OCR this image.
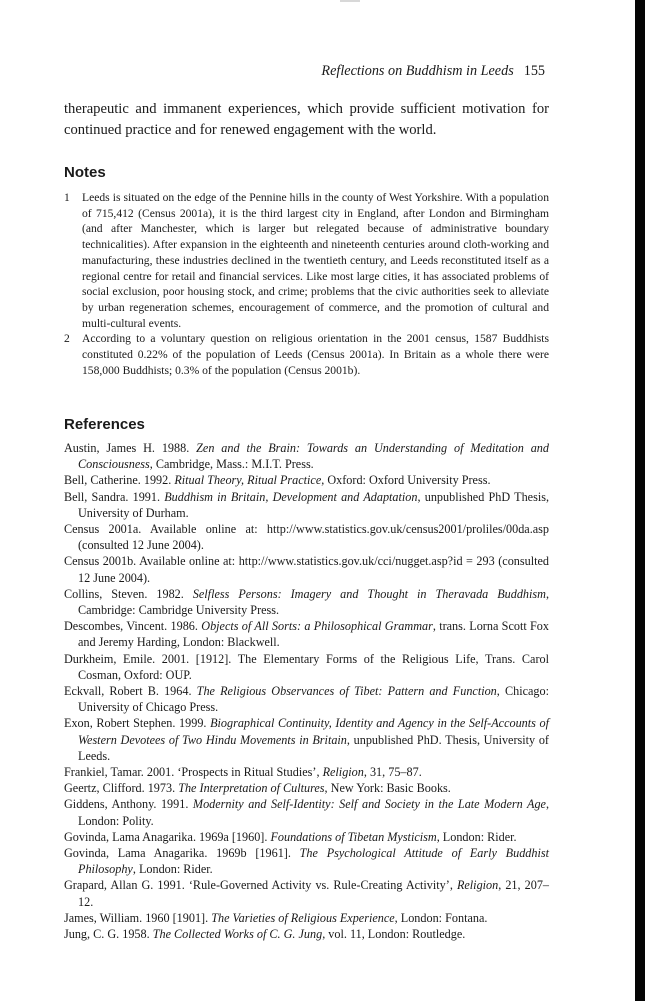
Reflections on Buddhism in Leeds 155
therapeutic and immanent experiences, which provide sufficient motivation for continued practice and for renewed engagement with the world.
Notes
1 Leeds is situated on the edge of the Pennine hills in the county of West Yorkshire. With a population of 715,412 (Census 2001a), it is the third largest city in England, after London and Birmingham (and after Manchester, which is larger but relegated because of administrative boundary technicalities). After expansion in the eighteenth and nineteenth centuries around cloth-working and manufacturing, these industries declined in the twentieth century, and Leeds reconstituted itself as a regional centre for retail and financial services. Like most large cities, it has associated problems of social exclusion, poor housing stock, and crime; problems that the civic authorities seek to alleviate by urban regeneration schemes, encouragement of commerce, and the promotion of cultural and multi-cultural events.
2 According to a voluntary question on religious orientation in the 2001 census, 1587 Buddhists constituted 0.22% of the population of Leeds (Census 2001a). In Britain as a whole there were 158,000 Buddhists; 0.3% of the population (Census 2001b).
References
Austin, James H. 1988. Zen and the Brain: Towards an Understanding of Meditation and Consciousness, Cambridge, Mass.: M.I.T. Press.
Bell, Catherine. 1992. Ritual Theory, Ritual Practice, Oxford: Oxford University Press.
Bell, Sandra. 1991. Buddhism in Britain, Development and Adaptation, unpublished PhD Thesis, University of Durham.
Census 2001a. Available online at: http://www.statistics.gov.uk/census2001/proliles/00da.asp (consulted 12 June 2004).
Census 2001b. Available online at: http://www.statistics.gov.uk/cci/nugget.asp?id = 293 (consulted 12 June 2004).
Collins, Steven. 1982. Selfless Persons: Imagery and Thought in Theravada Buddhism, Cambridge: Cambridge University Press.
Descombes, Vincent. 1986. Objects of All Sorts: a Philosophical Grammar, trans. Lorna Scott Fox and Jeremy Harding, London: Blackwell.
Durkheim, Emile. 2001. [1912]. The Elementary Forms of the Religious Life, Trans. Carol Cosman, Oxford: OUP.
Eckvall, Robert B. 1964. The Religious Observances of Tibet: Pattern and Function, Chicago: University of Chicago Press.
Exon, Robert Stephen. 1999. Biographical Continuity, Identity and Agency in the Self-Accounts of Western Devotees of Two Hindu Movements in Britain, unpublished PhD. Thesis, University of Leeds.
Frankiel, Tamar. 2001. ‘Prospects in Ritual Studies’, Religion, 31, 75–87.
Geertz, Clifford. 1973. The Interpretation of Cultures, New York: Basic Books.
Giddens, Anthony. 1991. Modernity and Self-Identity: Self and Society in the Late Modern Age, London: Polity.
Govinda, Lama Anagarika. 1969a [1960]. Foundations of Tibetan Mysticism, London: Rider.
Govinda, Lama Anagarika. 1969b [1961]. The Psychological Attitude of Early Buddhist Philosophy, London: Rider.
Grapard, Allan G. 1991. ‘Rule-Governed Activity vs. Rule-Creating Activity’, Religion, 21, 207–12.
James, William. 1960 [1901]. The Varieties of Religious Experience, London: Fontana.
Jung, C. G. 1958. The Collected Works of C. G. Jung, vol. 11, London: Routledge.
